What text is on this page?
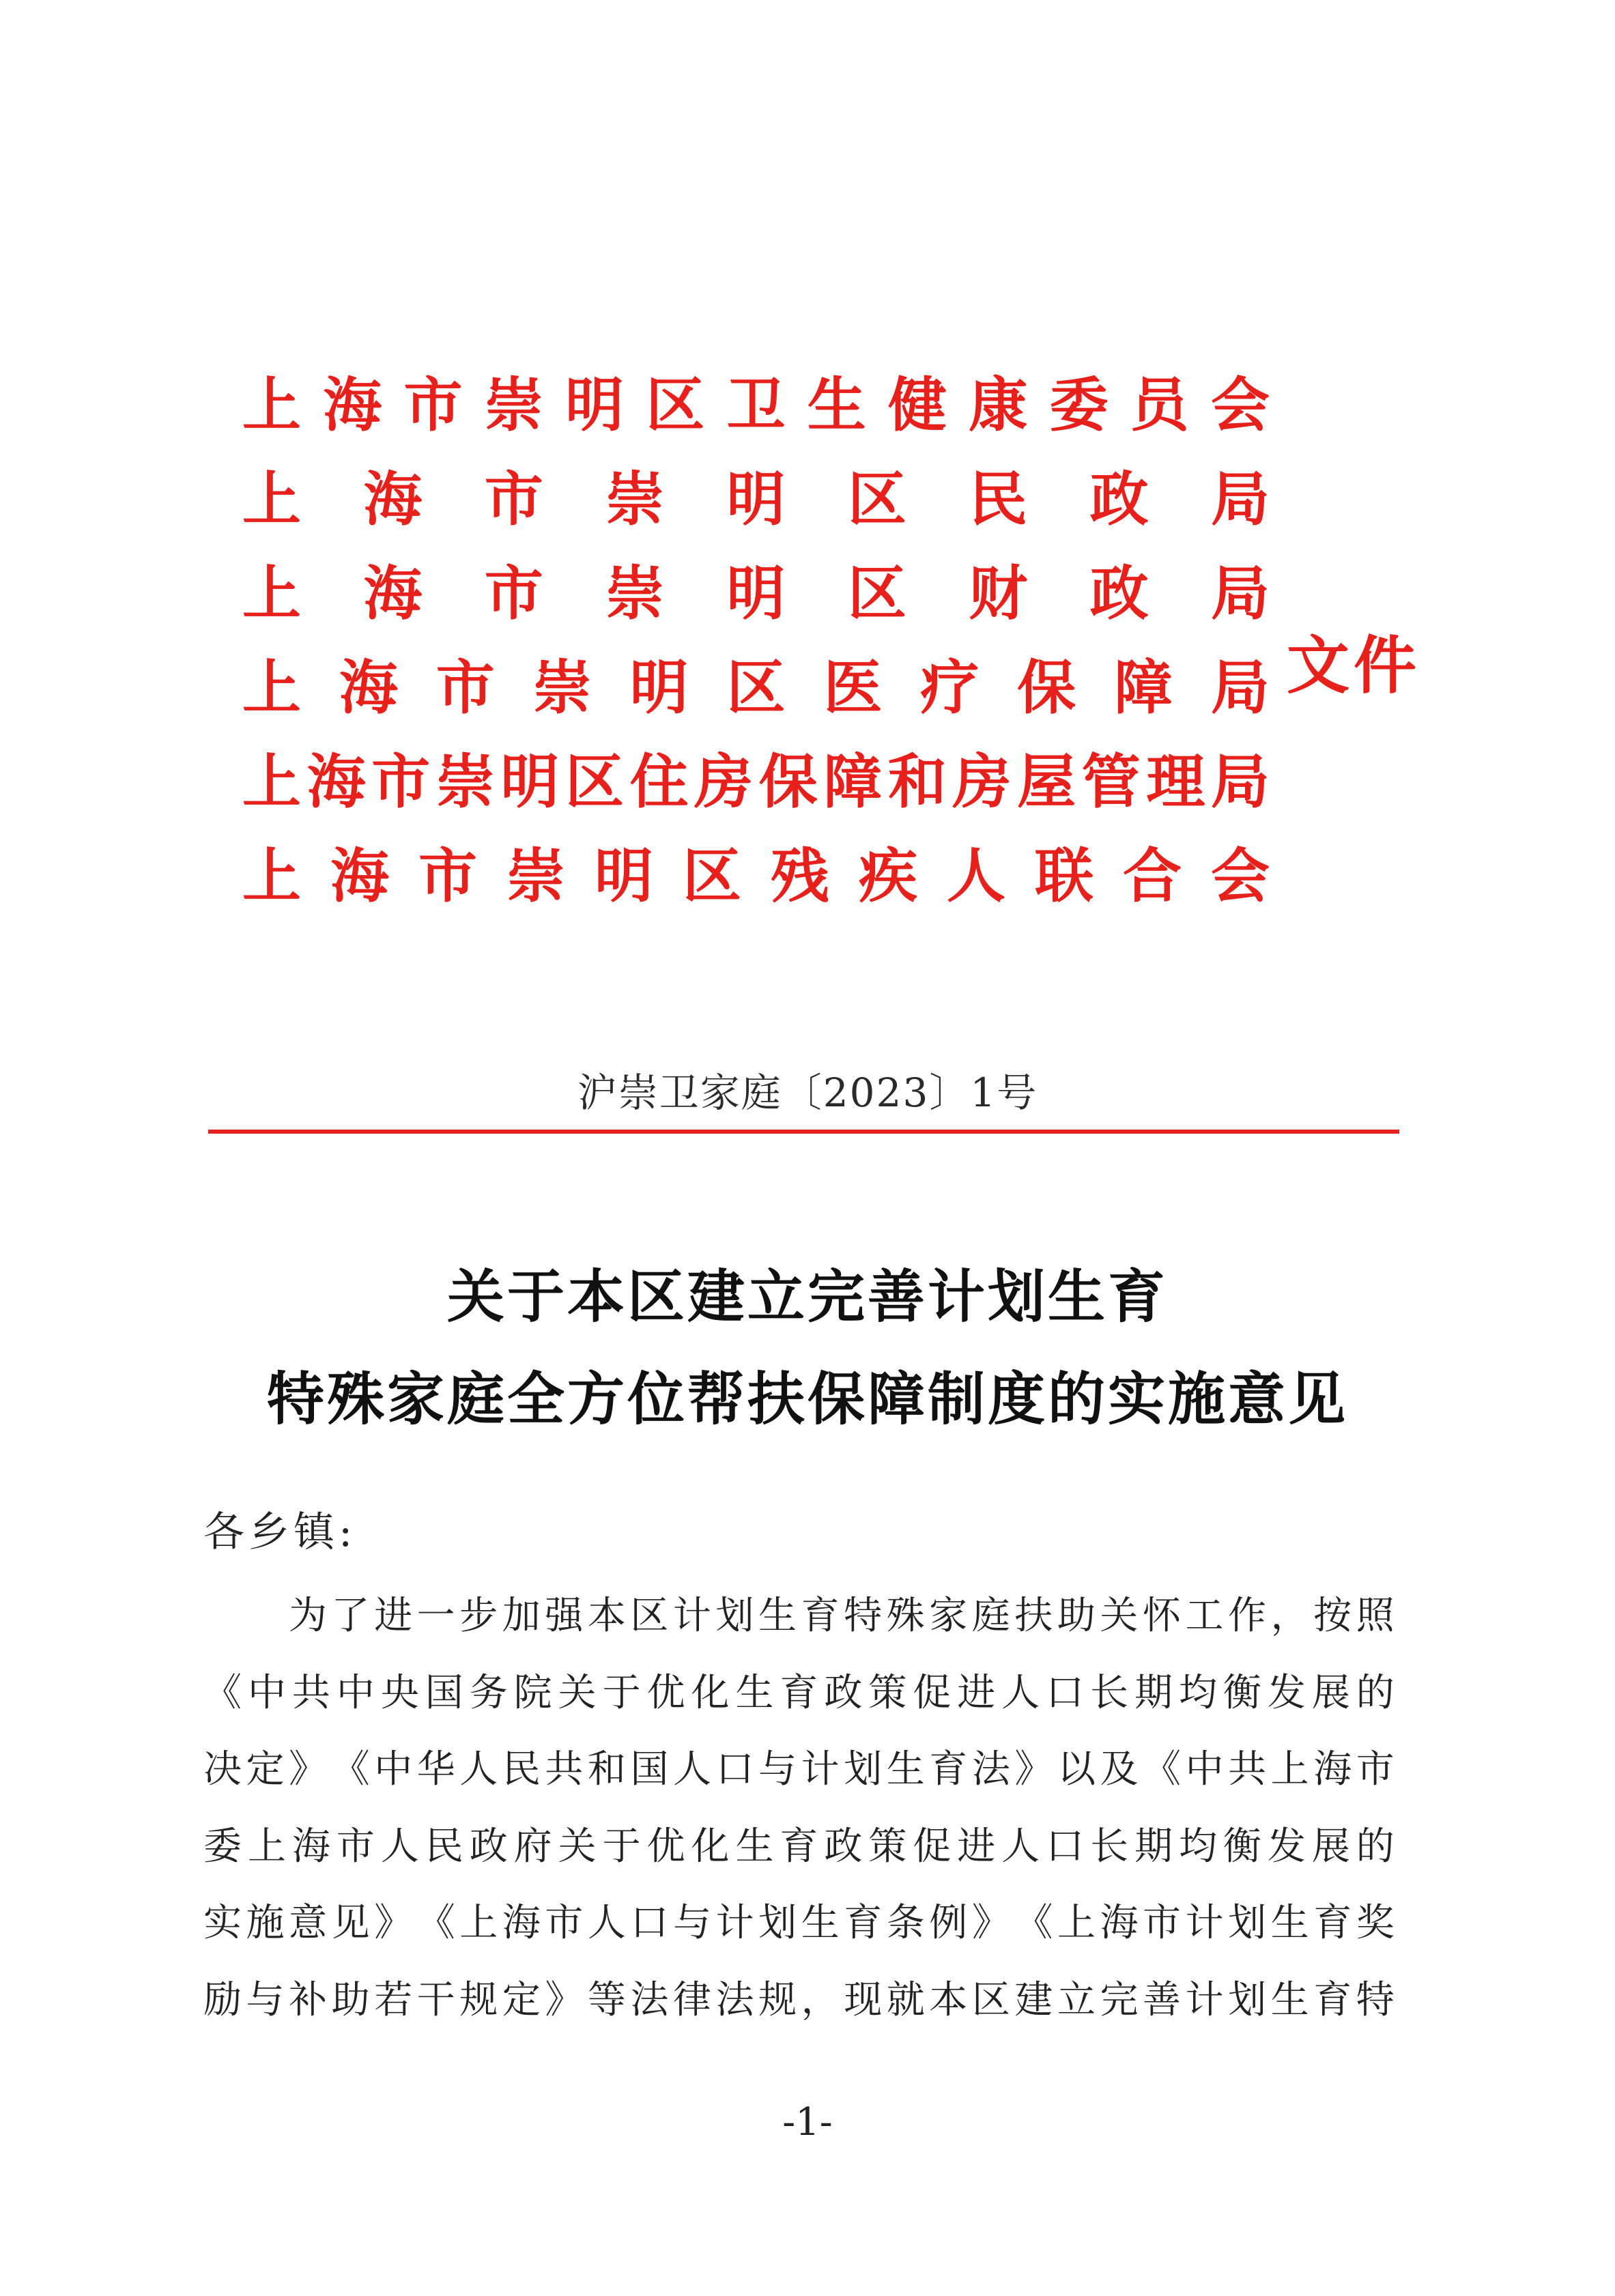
上 海 市 崇 明 区 卫 生 健 康 委 员 会
上 海 市 崇 明 区 民 政 局
上 海 市 崇 明 区 财 政 局
上 海 市 崇 明 区 医 疗 保 障 局
上 海 市 崇 明 区 住 房 保 障 和 房 屋 管 理 局
上 海 市 崇 明 区 残 疾 人 联 合 会
文件
沪崇卫家庭〔2023〕1号
关于本区建立完善计划生育
特殊家庭全方位帮扶保障制度的实施意见
各乡镇:
为 了 进 一 步 加 强 本 区 计 划 生 育 特 殊 家 庭 扶 助 关 怀 工 作 ， 按 照
《 中 共 中 央 国 务 院 关 于 优 化 生 育 政 策 促 进 人 口 长 期 均 衡 发 展 的
决 定 》 《 中 华 人 民 共 和 国 人 口 与 计 划 生 育 法 》 以 及 《 中 共 上 海 市
委 上 海 市 人 民 政 府 关 于 优 化 生 育 政 策 促 进 人 口 长 期 均 衡 发 展 的
实 施 意 见 》 《 上 海 市 人 口 与 计 划 生 育 条 例 》 《 上 海 市 计 划 生 育 奖
励 与 补 助 若 干 规 定 》 等 法 律 法 规 ， 现 就 本 区 建 立 完 善 计 划 生 育 特
-1-
